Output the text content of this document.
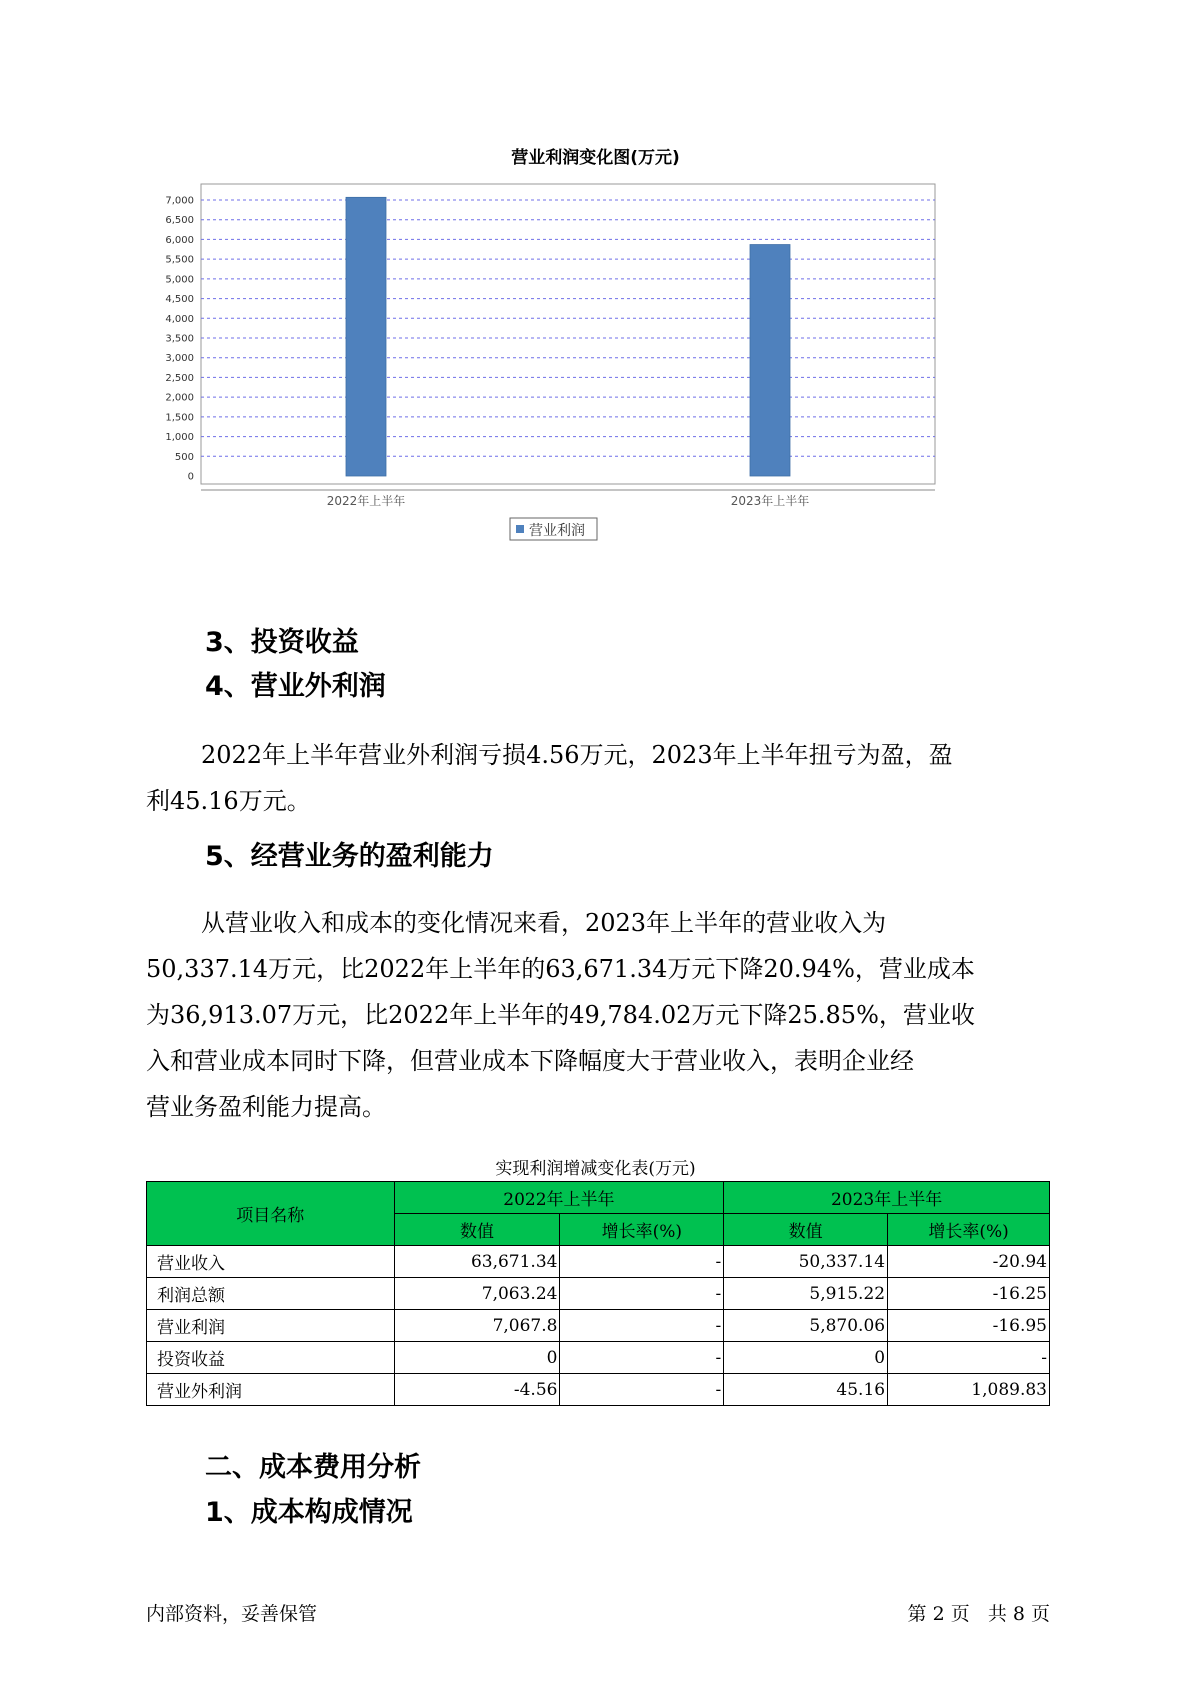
营业利润变化图(万元)
0
500
1,000
1,500
2,000
2,500
3,000
3,500
4,000
4,500
5,000
5,500
6,000
6,500
7,000
2022年上半年	2023年上半年
营业利润
3、投资收益
4、营业外利润
2022年上半年营业外利润亏损4.56万元，2023年上半年扭亏为盈，盈
利45.16万元。
5、经营业务的盈利能力
从营业收入和成本的变化情况来看，2023年上半年的营业收入为
50,337.14万元，比2022年上半年的63,671.34万元下降20.94%，营业成本
为36,913.07万元，比2022年上半年的49,784.02万元下降25.85%，营业收
入和营业成本同时下降，但营业成本下降幅度大于营业收入，表明企业经
营业务盈利能力提高。
实现利润增减变化表(万元)
项目名称	2022年上半年		2023年上半年	
	数值	增长率(%)	数值	增长率(%)
营业收入	63,671.34	-	50,337.14	-20.94
利润总额	7,063.24	-	5,915.22	-16.25
营业利润	7,067.8	-	5,870.06	-16.95
投资收益	0	-	0	-
营业外利润	-4.56	-	45.16	1,089.83
二、成本费用分析
1、成本构成情况
内部资料，妥善保管	第 2 页   共 8 页
